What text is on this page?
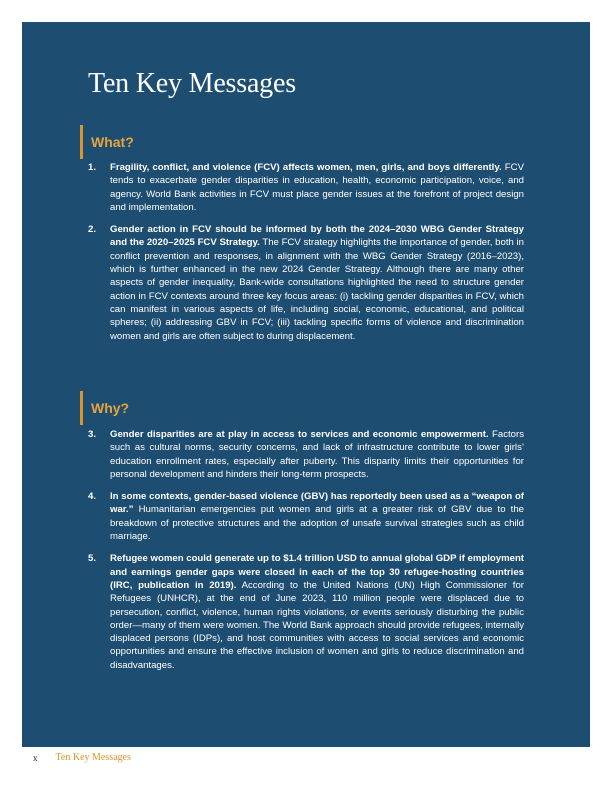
Ten Key Messages
What?
1. Fragility, conflict, and violence (FCV) affects women, men, girls, and boys differently. FCV tends to exacerbate gender disparities in education, health, economic participation, voice, and agency. World Bank activities in FCV must place gender issues at the forefront of project design and implementation.
2. Gender action in FCV should be informed by both the 2024–2030 WBG Gender Strategy and the 2020–2025 FCV Strategy. The FCV strategy highlights the importance of gender, both in conflict prevention and responses, in alignment with the WBG Gender Strategy (2016–2023), which is further enhanced in the new 2024 Gender Strategy. Although there are many other aspects of gender inequality, Bank-wide consultations highlighted the need to structure gender action in FCV contexts around three key focus areas: (i) tackling gender disparities in FCV, which can manifest in various aspects of life, including social, economic, educational, and political spheres; (ii) addressing GBV in FCV; (iii) tackling specific forms of violence and discrimination women and girls are often subject to during displacement.
Why?
3. Gender disparities are at play in access to services and economic empowerment. Factors such as cultural norms, security concerns, and lack of infrastructure contribute to lower girls’ education enrollment rates, especially after puberty. This disparity limits their opportunities for personal development and hinders their long-term prospects.
4. In some contexts, gender-based violence (GBV) has reportedly been used as a “weapon of war.” Humanitarian emergencies put women and girls at a greater risk of GBV due to the breakdown of protective structures and the adoption of unsafe survival strategies such as child marriage.
5. Refugee women could generate up to $1.4 trillion USD to annual global GDP if employment and earnings gender gaps were closed in each of the top 30 refugee-hosting countries (IRC, publication in 2019). According to the United Nations (UN) High Commissioner for Refugees (UNHCR), at the end of June 2023, 110 million people were displaced due to persecution, conflict, violence, human rights violations, or events seriously disturbing the public order—many of them were women. The World Bank approach should provide refugees, internally displaced persons (IDPs), and host communities with access to social services and economic opportunities and ensure the effective inclusion of women and girls to reduce discrimination and disadvantages.
x Ten Key Messages
